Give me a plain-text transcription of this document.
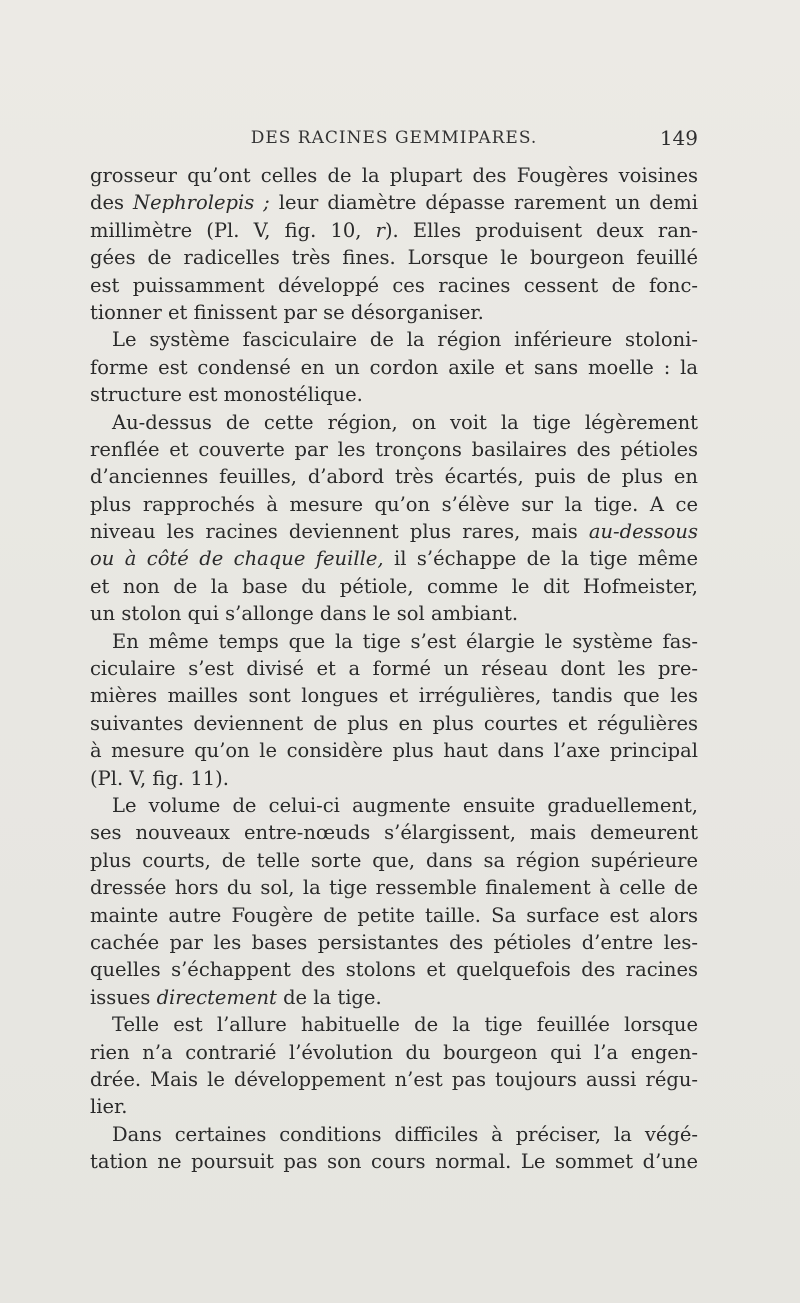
DES RACINES GEMMIPARES.	149
grosseur qu’ont celles de la plupart des Fougères voisines
des Nephrolepis ; leur diamètre dépasse rarement un demi
millimètre (Pl. V, fig. 10, r). Elles produisent deux ran-
gées de radicelles très fines. Lorsque le bourgeon feuillé
est puissamment développé ces racines cessent de fonc-
tionner et finissent par se désorganiser.
Le système fasciculaire de la région inférieure stoloni-
forme est condensé en un cordon axile et sans moelle : la
structure est monostélique.
Au-dessus de cette région, on voit la tige légèrement
renflée et couverte par les tronçons basilaires des pétioles
d’anciennes feuilles, d’abord très écartés, puis de plus en
plus rapprochés à mesure qu’on s’élève sur la tige. A ce
niveau les racines deviennent plus rares, mais au-dessous
ou à côté de chaque feuille, il s’échappe de la tige même
et non de la base du pétiole, comme le dit Hofmeister,
un stolon qui s’allonge dans le sol ambiant.
En même temps que la tige s’est élargie le système fas-
ciculaire s’est divisé et a formé un réseau dont les pre-
mières mailles sont longues et irrégulières, tandis que les
suivantes deviennent de plus en plus courtes et régulières
à mesure qu’on le considère plus haut dans l’axe principal
(Pl. V, fig. 11).
Le volume de celui-ci augmente ensuite graduellement,
ses nouveaux entre-nœuds s’élargissent, mais demeurent
plus courts, de telle sorte que, dans sa région supérieure
dressée hors du sol, la tige ressemble finalement à celle de
mainte autre Fougère de petite taille. Sa surface est alors
cachée par les bases persistantes des pétioles d’entre les-
quelles s’échappent des stolons et quelquefois des racines
issues directement de la tige.
Telle est l’allure habituelle de la tige feuillée lorsque
rien n’a contrarié l’évolution du bourgeon qui l’a engen-
drée. Mais le développement n’est pas toujours aussi régu-
lier.
Dans certaines conditions difficiles à préciser, la végé-
tation ne poursuit pas son cours normal. Le sommet d’une
